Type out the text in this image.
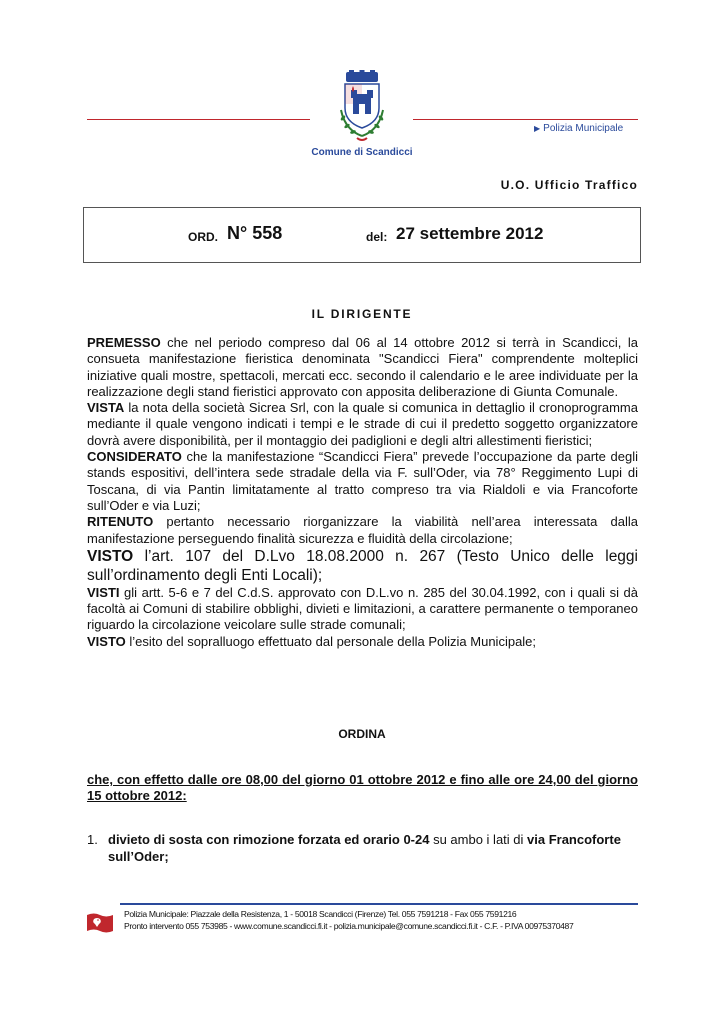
Comune di Scandicci
▶ Polizia Municipale
U.O. Ufficio Traffico
ORD. N° 558	del: 27 settembre 2012
IL DIRIGENTE

PREMESSO che nel periodo compreso dal 06 al 14 ottobre 2012 si terrà in Scandicci, la consueta manifestazione fieristica denominata "Scandicci Fiera" comprendente molteplici iniziative quali mostre, spettacoli, mercati ecc. secondo il calendario e le aree individuate per la realizzazione degli stand fieristici approvato con apposita deliberazione di Giunta Comunale.

VISTA la nota della società Sicrea Srl, con la quale si comunica in dettaglio il cronoprogramma mediante il quale vengono indicati i tempi e le strade di cui il predetto soggetto organizzatore dovrà avere disponibilità, per il montaggio dei padiglioni e degli altri allestimenti fieristici;

CONSIDERATO che la manifestazione “Scandicci Fiera” prevede l’occupazione da parte degli stands espositivi, dell’intera sede stradale della via F. sull’Oder, via 78° Reggimento Lupi di Toscana, di via Pantin limitatamente al tratto compreso tra via Rialdoli e via Francoforte sull’Oder e via Luzi;

RITENUTO pertanto necessario riorganizzare la viabilità nell’area interessata dalla manifestazione perseguendo finalità sicurezza e fluidità della circolazione;

VISTO l’art. 107 del D.Lvo 18.08.2000 n. 267 (Testo Unico delle leggi sull’ordinamento degli Enti Locali);

VISTI gli artt. 5-6 e 7 del C.d.S. approvato con D.L.vo n. 285 del 30.04.1992, con i quali si dà facoltà ai Comuni di stabilire obblighi, divieti e limitazioni, a carattere permanente o temporaneo riguardo la circolazione veicolare sulle strade comunali;

VISTO l’esito del sopralluogo effettuato dal personale della Polizia Municipale;

ORDINA
che, con effetto dalle ore 08,00 del giorno 01 ottobre 2012 e fino alle ore 24,00 del giorno 15 ottobre 2012:
1. divieto di sosta con rimozione forzata ed orario 0-24 su ambo i lati di via Francoforte sull’Oder;
Polizia Municipale: Piazzale della Resistenza, 1 - 50018 Scandicci (Firenze) Tel. 055 7591218 - Fax 055 7591216
Pronto intervento 055 753985 - www.comune.scandicci.fi.it - polizia.municipale@comune.scandicci.fi.it - C.F. - P.IVA 00975370487
